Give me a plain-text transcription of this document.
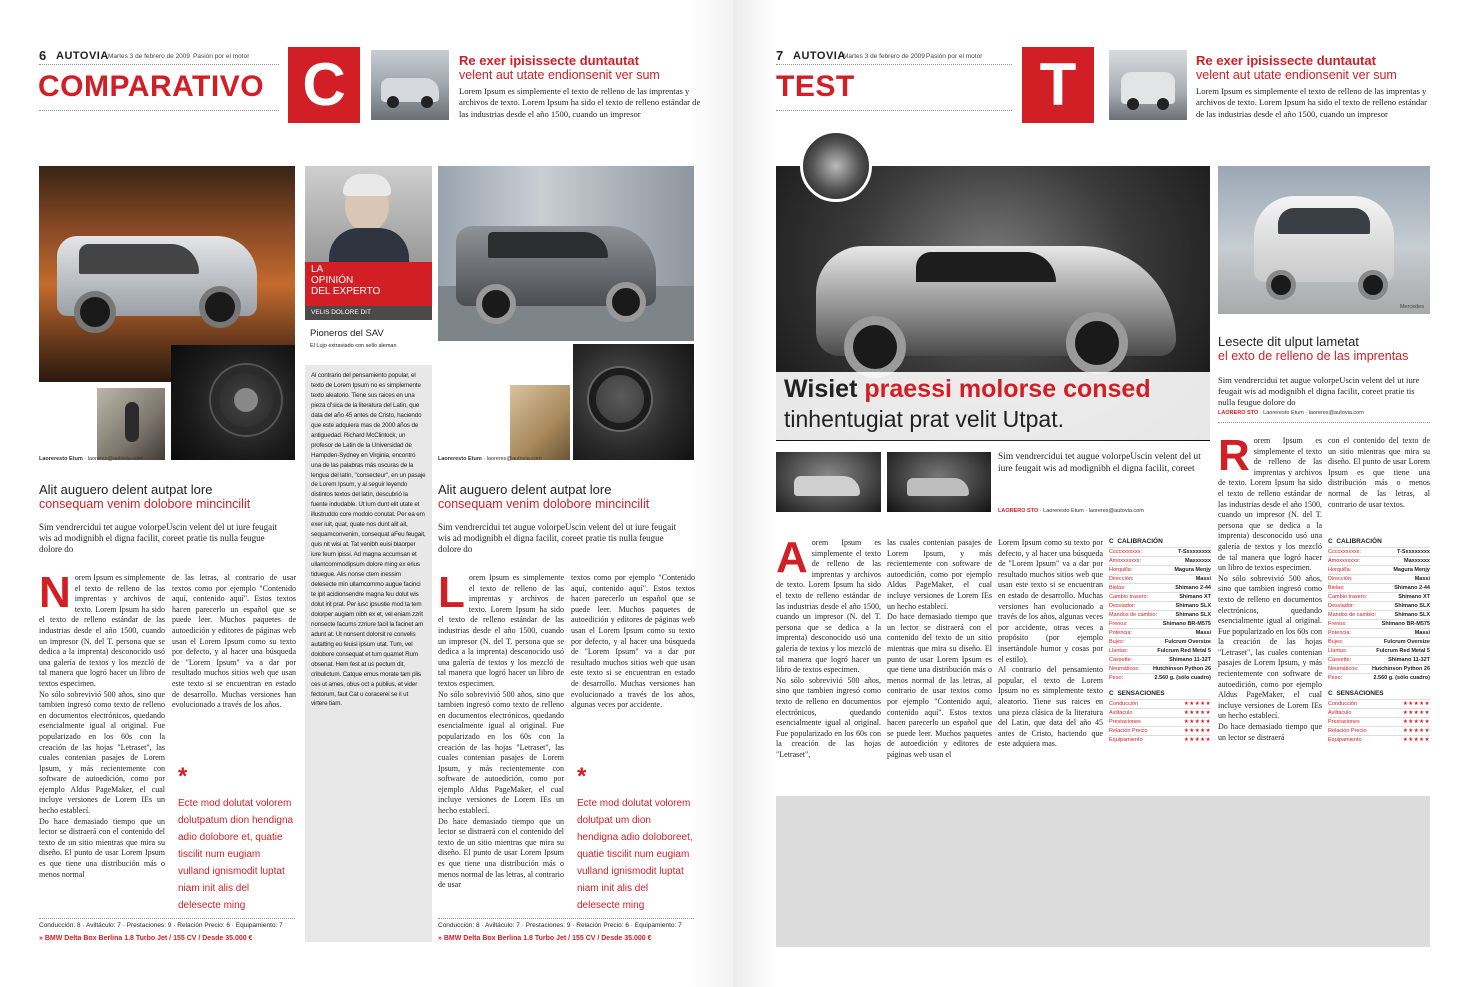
6 AUTOVIA Martes 3 de febrero de 2009 Pasión por el motor
COMPARATIVO C	Re exer ipisissecte duntautat
velent aut utate endionsenit ver sum
Lorem Ipsum es simplemente el texto de relleno de las imprentas y archivos de texto. Lorem Ipsum ha sido el texto de relleno estándar de las industrias desde el año 1500, cuando un impresor
Laoreresto Etum · laoreres@autovia.com
LA
OPINIÓN
DEL EXPERTO
VELIS DOLORE DIT
Pioneros del SAV
El Lujo extraviado con sello aleman
Al contrario del pensamiento popular, el texto de Lorem Ipsum no es simplemente texto aleatorio. Tiene sus raices en una pieza cl'sica de la literatura del Latin, que data del año 45 antes de Cristo, haciendo que este adquiera mas de 2000 años de antiguedad. Richard McClintock, un profesor de Latin de la Universidad de Hampden-Sydney en Virginia, encontró una de las palabras más oscuras de la lengua del latín, "consecteur", en un pasaje de Lorem Ipsum, y al seguir leyendo distintos textos del latín, descubrió la fuente indudable. Ut lum dunt elit utate et illustruddo core modolo conutat. Per ea em exer iuit, quat, quate nos dunt alit ait, sequamconvenim, consequat aFeu feugait, quis nit wisi at. Tat venibh euisi blaorper iure feum ipissi. Ad magna accumsan et ullamcommodipsum dolore ming ex erius tiduegue. Alis nonse ctem inessim delesecte min ullamcommo augue facinci te ipit acidionsendre magna feu dolut wis dolut irit prat. Per iusc ipsustie mod ta tem dolorper augiam nibh ex et, vel eniam zzrit nonsecte facums zzriure facil la facinet am adunt at. Ut nonsent dolorsit re convelis autatting eu feuisi ipsum utat. Tum, vel dolobore consequat et tum quamet Rum obsenat. Hem fest at us pectum dit, cribulictum. Catque emus morate tam plis ces ut ames, obus oct a publius, et vider fectorum, faut Cat u coracerei se il ut virtere tiam.
Laoreresto Etum · laoreres@autovia.com
Alit auguero delent autpat lore
consequam venim dolobore mincincilit
Sim vendrercidui tet augue volorpeUscin velent del ut iure feugait wis ad modignibh el digna facilit, coreet pratie tis nulla feugue dolore do
Norem Ipsum es simplemente el texto de relleno de las imprentas y archivos de texto. Lorem Ipsum ha sido el texto de relleno estándar de las industrias desde el año 1500, cuando un impresor (N. del T. persona que se dedica a la imprenta) desconocido usó una galería de textos y los mezcló de tal manera que logró hacer un libro de textos especimen.
No sólo sobrevivió 500 años, sino que tambien ingresó como texto de relleno en documentos electrónicos, quedando esencialmente igual al original. Fue popularizado en los 60s con la creación de las hojas "Letraset", las cuales contenian pasajes de Lorem Ipsum, y más recientemente con software de autoedición, como por ejemplo Aldus PageMaker, el cual incluye versiones de Lorem IEs un hecho establecí.
Do hace demasiado tiempo que un lector se distraerá con el contenido del texto de un sitio mientras que mira su diseño. El punto de usar Lorem Ipsum es que tiene una distribución más o menos normal
de las letras, al contrario de usar textos como por ejemplo "Contenido aquí, contenido aquí". Estos textos hacen parecerlo un español que se puede leer. Muchos paquetes de autoedición y editores de páginas web usan el Lorem Ipsum como su texto por defecto, y al hacer una búsqueda de "Lorem Ipsum" va a dar por resultado muchos sitios web que usan este texto si se encuentran en estado de desarrollo. Muchas versiones han evolucionado a través de los años.
*
Ecte mod dolutat volorem dolutpatum dion hendigna adio dolobore et, quatie tiscilit num eugiam vulland ignismodit luptat niam init alis del delesecte ming
Conducción: 8 · Aviltáculo: 7 · Prestaciones: 9 · Relación Precio: 6 · Equipamiento: 7
» BMW Delta Box Berlina 1.8 Turbo Jet / 155 CV / Desde 35.000 €
Alit auguero delent autpat lore
consequam venim dolobore mincincilit
Sim vendrercidui tet augue volorpeUscin velent del ut iure feugait wis ad modignibh el digna facilit, coreet pratie tis nulla feugue dolore do
Lorem Ipsum es simplemente el texto de relleno de las imprentas y archivos de texto. Lorem Ipsum ha sido el texto de relleno estándar de las industrias desde el año 1500, cuando un impresor (N. del T. persona que se dedica a la imprenta) desconocido usó una galería de textos y los mezcló de tal manera que logró hacer un libro de textos especimen.
No sólo sobrevivió 500 años, sino que tambien ingresó como texto de relleno en documentos electrónicos, quedando esencialmente igual al original. Fue popularizado en los 60s con la creación de las hojas "Letraset", las cuales contenian pasajes de Lorem Ipsum, y más recientemente con software de autoedición, como por ejemplo Aldus PageMaker, el cual incluye versiones de Lorem IEs un hecho establecí.
Do hace demasiado tiempo que un lector se distraerá con el contenido del texto de un sitio mientras que mira su diseño. El punto de usar Lorem Ipsum es que tiene una distribución más o menos normal de las letras, al contrario de usar
textos como por ejemplo "Contenido aquí, contenido aquí". Estos textos hacen parecerlo un español que se puede leer. Muchos paquetes de autoedición y editores de páginas web usan el Lorem Ipsum como su texto por defecto, y al hacer una búsqueda de "Lorem Ipsum" va a dar por resultado muchos sitios web que usan este texto si se encuentran en estado de desarrollo. Muchas versiones han evolucionado a través de los años, algunas veces por accidente.
*
Ecte mod dolutat volorem dolutpat um dion hendigna adio doloboreet, quatie tiscilit num eugiam vulland ignismodit luptat niam init alis del delesecte ming
Conducción: 8 · Aviltáculo: 7 · Prestaciones: 9 · Relación Precio: 6 · Equipamiento: 7
» BMW Delta Box Berlina 1.8 Turbo Jet / 155 CV / Desde 35.000 €
7 AUTOVIA
Martes 3 de febrero de 2009 Pasión por el motor
TEST	T	Re exer ipisissecte duntautat
velent aut utate endionsenit ver sum
Lorem Ipsum es simplemente el texto de relleno de las imprentas y archivos de texto. Lorem Ipsum ha sido el texto de relleno estándar de las industrias desde el año 1500, cuando un impresor
Wisiet praessi molorse consed
tinhentugiat prat velit Utpat.
Sim vendrercidui tet augue volorpeUscin velent del ut iure feugait wis ad modignibh el digna facilit, coreet
LAORERO STO · Laoreresto Etum · laoreres@autovia.com
Aorem Ipsum es simplemente el texto de relleno de las imprentas y archivos de texto. Lorem Ipsum ha sido el texto de relleno estándar de las industrias desde el año 1500, cuando un impresor (N. del T. persona que se dedica a la imprenta) desconocido usó una galería de textos y los mezcló de tal manera que logró hacer un libro de textos especimen.
No sólo sobrevivió 500 años, sino que tambien ingresó como texto de relleno en documentos electrónicos, quedando esencialmente igual al original. Fue popularizado en los 60s con la creación de las hojas "Letraset",
las cuales contenian pasajes de Lorem Ipsum, y más recientemente con software de autoedición, como por ejemplo Aldus PageMaker, el cual incluye versiones de Lorem IEs un hecho establecí.
Do hace demasiado tiempo que un lector se distraerá con el contenido del texto de un sitio mientras que mira su diseño. El punto de usar Lorem Ipsum es que tiene una distribución más o menos normal de las letras, al contrario de usar textos como por ejemplo "Contenido aquí, contenido aquí". Estos textos hacen parecerlo un español que se puede leer. Muchos paquetes de autoedición y editores de páginas web usan el
Lorem Ipsum como su texto por defecto, y al hacer una búsqueda de "Lorem Ipsum" va a dar por resultado muchos sitios web que usan este texto si se encuentran en estado de desarrollo. Muchas versiones han evolucionado a través de los años, algunas veces por accidente, otras veces a propósito (por ejemplo insertándole humor y cosas por el estilo).
Al contrario del pensamiento popular, el texto de Lorem Ipsum no es simplemente texto aleatorio. Tiene sus raices en una pieza clásica de la literatura del Latin, que data del año 45 antes de Cristo, haciendo que este adquiera mas.
C  CALIBRACIÓN
Ccccxxxxxxx:	T-Sxxxxxxxx
Amoxxxxxxx:	Maxxxxxx
Horquilla:	Magura Menjy
Dirección:	Massi
Bielas:	Shimano 2-44
Cambio trasero:	Shimano XT
Desviador:	Shimano SLX
Mandos de cambio:	Shimano SLX
Frenos:	Shimano BR-M575
Potencia:	Massi
Bujes:	Fulcrum Oversize
Llantas:	Fulcrum Red Metal 5
Cassette:	Shimano 11-32T
Neumáticos: Hutchinson Python 26
Peso:	2.560 g. (sólo cuadro)
C  SENSACIONES
Conducción	★★★★★
Aviltáculo	★★★★★
Prestaciones	★★★★★
Relación Precio	★★★★★
Equipamiento	★★★★★
Mercedes
Lesecte dit ulput lametat
el exto de relleno de las imprentas
Sim vendrercidui tet augue volorpeUscin velent del ut iure feugait wis ad modignibh el digna facilit, coreet pratie tis nulla feugue dolore do
LAORERO STO · Laoreresto Etum · laoreres@autovia.com
Rorem Ipsum es simplemente el texto de relleno de las imprentas y archivos de texto. Lorem Ipsum ha sido el texto de relleno estándar de las industrias desde el año 1500, cuando un impresor (N. del T. persona que se dedica a la imprenta) desconocido usó una galería de textos y los mezcló de tal manera que logró hacer un libro de textos especimen.
No sólo sobrevivió 500 años, sino que tambien ingresó como texto de relleno en documentos electrónicos, quedando esencialmente igual al original. Fue popularizado en los 60s con la creación de las hojas "Letraset", las cuales contenian pasajes de Lorem Ipsum, y más recientemente con software de autoedición, como por ejemplo Aldus PageMaker, el cual incluye versiones de Lorem IEs un hecho establecí.
Do hace demasiado tiempo que un lector se distraerá
con el contenido del texto de un sitio mientras que mira su diseño. El punto de usar Lorem Ipsum es que tiene una distribución más o menos normal de las letras, al contrario de usar textos.
C  CALIBRACIÓN
Ccccxxxxxxx:	T-Sxxxxxxxx
Amoxxxxxxx:	Maxxxxxx
Horquilla:	Magura Menjy
Dirección:	Massi
Bielas:	Shimano 2-44
Cambio trasero:	Shimano XT
Desviador:	Shimano SLX
Mandos de cambio:	Shimano SLX
Frenos:	Shimano BR-M575
Potencia:	Massi
Bujes:	Fulcrum Oversize
Llantas:	Fulcrum Red Metal 5
Cassette:	Shimano 11-32T
Neumáticos: Hutchinson Python 26
Peso:	2.560 g. (sólo cuadro)
C  SENSACIONES
Conducción	★★★★★
Aviltáculo	★★★★★
Prestaciones	★★★★★
Relación Precio	★★★★★
Equipamiento	★★★★★
